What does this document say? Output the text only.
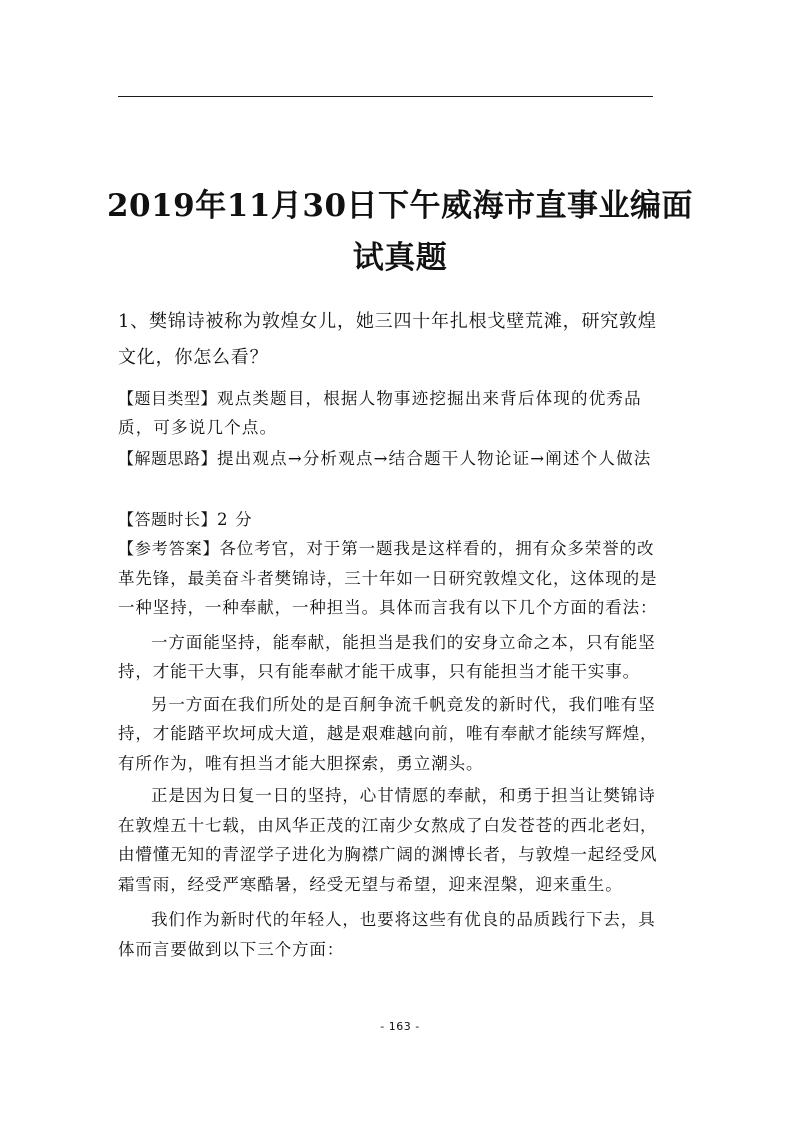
2019年11月30日下午威海市直事业编面试真题

1、樊锦诗被称为敦煌女儿，她三四十年扎根戈壁荒滩，研究敦煌文化，你怎么看？

【题目类型】观点类题目，根据人物事迹挖掘出来背后体现的优秀品质，可多说几个点。

【解题思路】提出观点→分析观点→结合题干人物论证→阐述个人做法

【答题时长】2 分

【参考答案】各位考官，对于第一题我是这样看的，拥有众多荣誉的改革先锋，最美奋斗者樊锦诗，三十年如一日研究敦煌文化，这体现的是一种坚持，一种奉献，一种担当。具体而言我有以下几个方面的看法：

一方面能坚持，能奉献，能担当是我们的安身立命之本，只有能坚持，才能干大事，只有能奉献才能干成事，只有能担当才能干实事。

另一方面在我们所处的是百舸争流千帆竞发的新时代，我们唯有坚持，才能踏平坎坷成大道，越是艰难越向前，唯有奉献才能续写辉煌，有所作为，唯有担当才能大胆探索，勇立潮头。

正是因为日复一日的坚持，心甘情愿的奉献，和勇于担当让樊锦诗在敦煌五十七载，由风华正茂的江南少女熬成了白发苍苍的西北老妇，由懵懂无知的青涩学子进化为胸襟广阔的渊博长者，与敦煌一起经受风霜雪雨，经受严寒酷暑，经受无望与希望，迎来涅槃，迎来重生。

我们作为新时代的年轻人，也要将这些有优良的品质践行下去，具体而言要做到以下三个方面：

- 163 -
